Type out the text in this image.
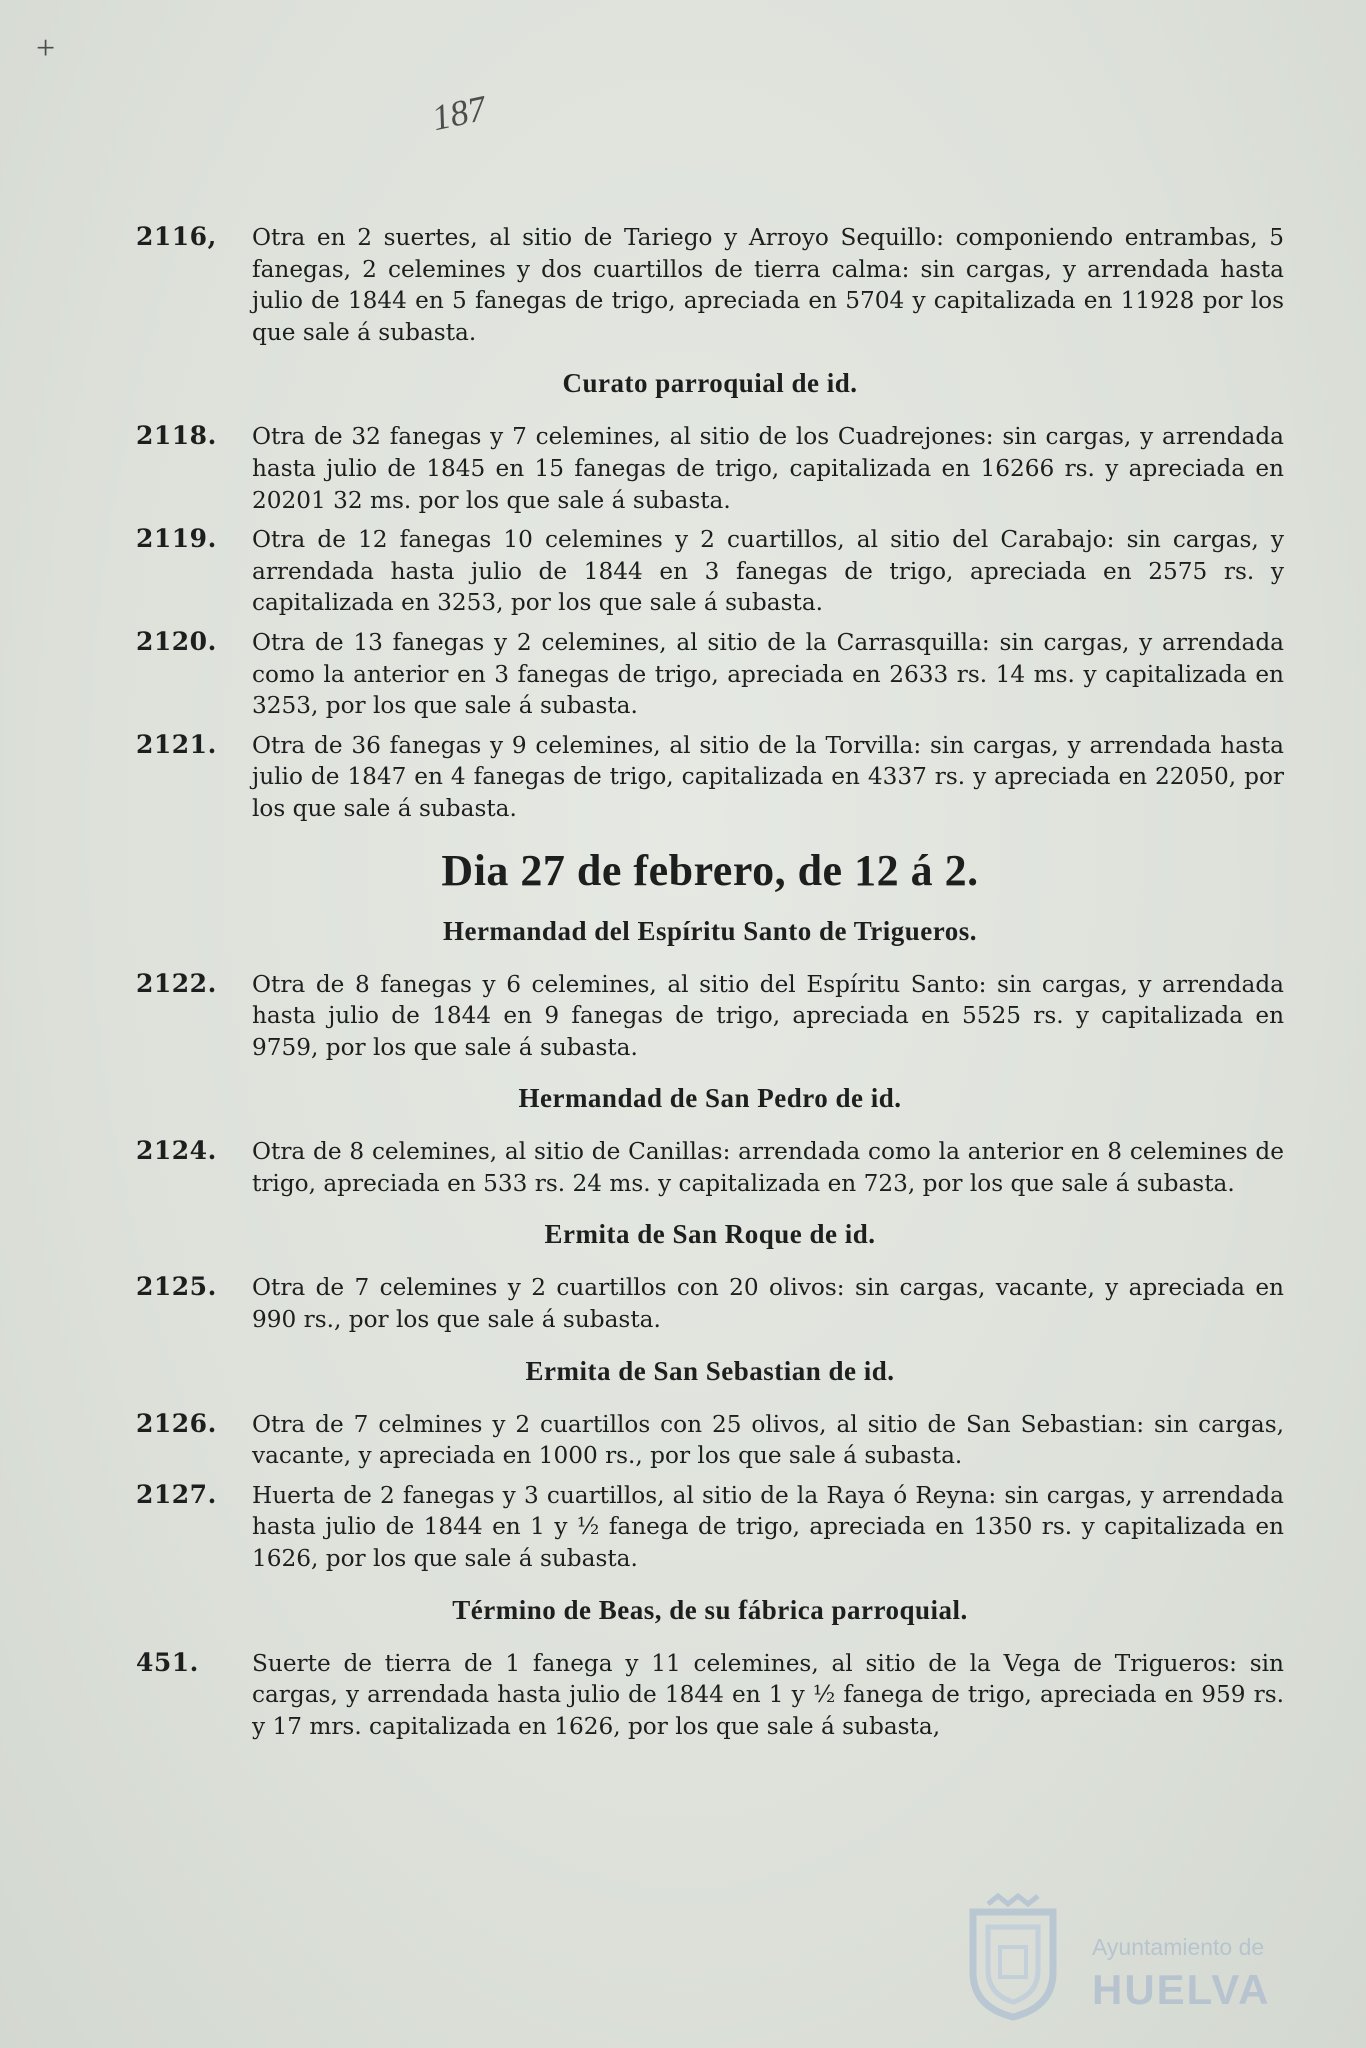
+
187
2116, Otra en 2 suertes, al sitio de Tariego y Arroyo Sequillo: componiendo entrambas, 5 fanegas, 2 celemines y dos cuartillos de tierra calma: sin cargas, y arrendada hasta julio de 1844 en 5 fanegas de trigo, apreciada en 5704 y capitalizada en 11928 por los que sale á subasta.

Curato parroquial de id.
2118. Otra de 32 fanegas y 7 celemines, al sitio de los Cuadrejones: sin cargas, y arrendada hasta julio de 1845 en 15 fanegas de trigo, capitalizada en 16266 rs. y apreciada en 20201 32 ms. por los que sale á subasta.

2119. Otra de 12 fanegas 10 celemines y 2 cuartillos, al sitio del Carabajo: sin cargas, y arrendada hasta julio de 1844 en 3 fanegas de trigo, apreciada en 2575 rs. y capitalizada en 3253, por los que sale á subasta.

2120. Otra de 13 fanegas y 2 celemines, al sitio de la Carrasquilla: sin cargas, y arrendada como la anterior en 3 fanegas de trigo, apreciada en 2633 rs. 14 ms. y capitalizada en 3253, por los que sale á subasta.

2121. Otra de 36 fanegas y 9 celemines, al sitio de la Torvilla: sin cargas, y arrendada hasta julio de 1847 en 4 fanegas de trigo, capitalizada en 4337 rs. y apreciada en 22050, por los que sale á subasta.

Dia 27 de febrero, de 12 á 2.
Hermandad del Espíritu Santo de Trigueros.
2122. Otra de 8 fanegas y 6 celemines, al sitio del Espíritu Santo: sin cargas, y arrendada hasta julio de 1844 en 9 fanegas de trigo, apreciada en 5525 rs. y capitalizada en 9759, por los que sale á subasta.

Hermandad de San Pedro de id.
2124. Otra de 8 celemines, al sitio de Canillas: arrendada como la anterior en 8 celemines de trigo, apreciada en 533 rs. 24 ms. y capitalizada en 723, por los que sale á subasta.

Ermita de San Roque de id.
2125. Otra de 7 celemines y 2 cuartillos con 20 olivos: sin cargas, vacante, y apreciada en 990 rs., por los que sale á subasta.

Ermita de San Sebastian de id.
2126. Otra de 7 celmines y 2 cuartillos con 25 olivos, al sitio de San Sebastian: sin cargas, vacante, y apreciada en 1000 rs., por los que sale á subasta.

2127. Huerta de 2 fanegas y 3 cuartillos, al sitio de la Raya ó Reyna: sin cargas, y arrendada hasta julio de 1844 en 1 y ½ fanega de trigo, apreciada en 1350 rs. y capitalizada en 1626, por los que sale á subasta.

Término de Beas, de su fábrica parroquial.
451. Suerte de tierra de 1 fanega y 11 celemines, al sitio de la Vega de Trigueros: sin cargas, y arrendada hasta julio de 1844 en 1 y ½ fanega de trigo, apreciada en 959 rs. y 17 mrs. capitalizada en 1626, por los que sale á subasta,

Ayuntamiento de
HUELVA
